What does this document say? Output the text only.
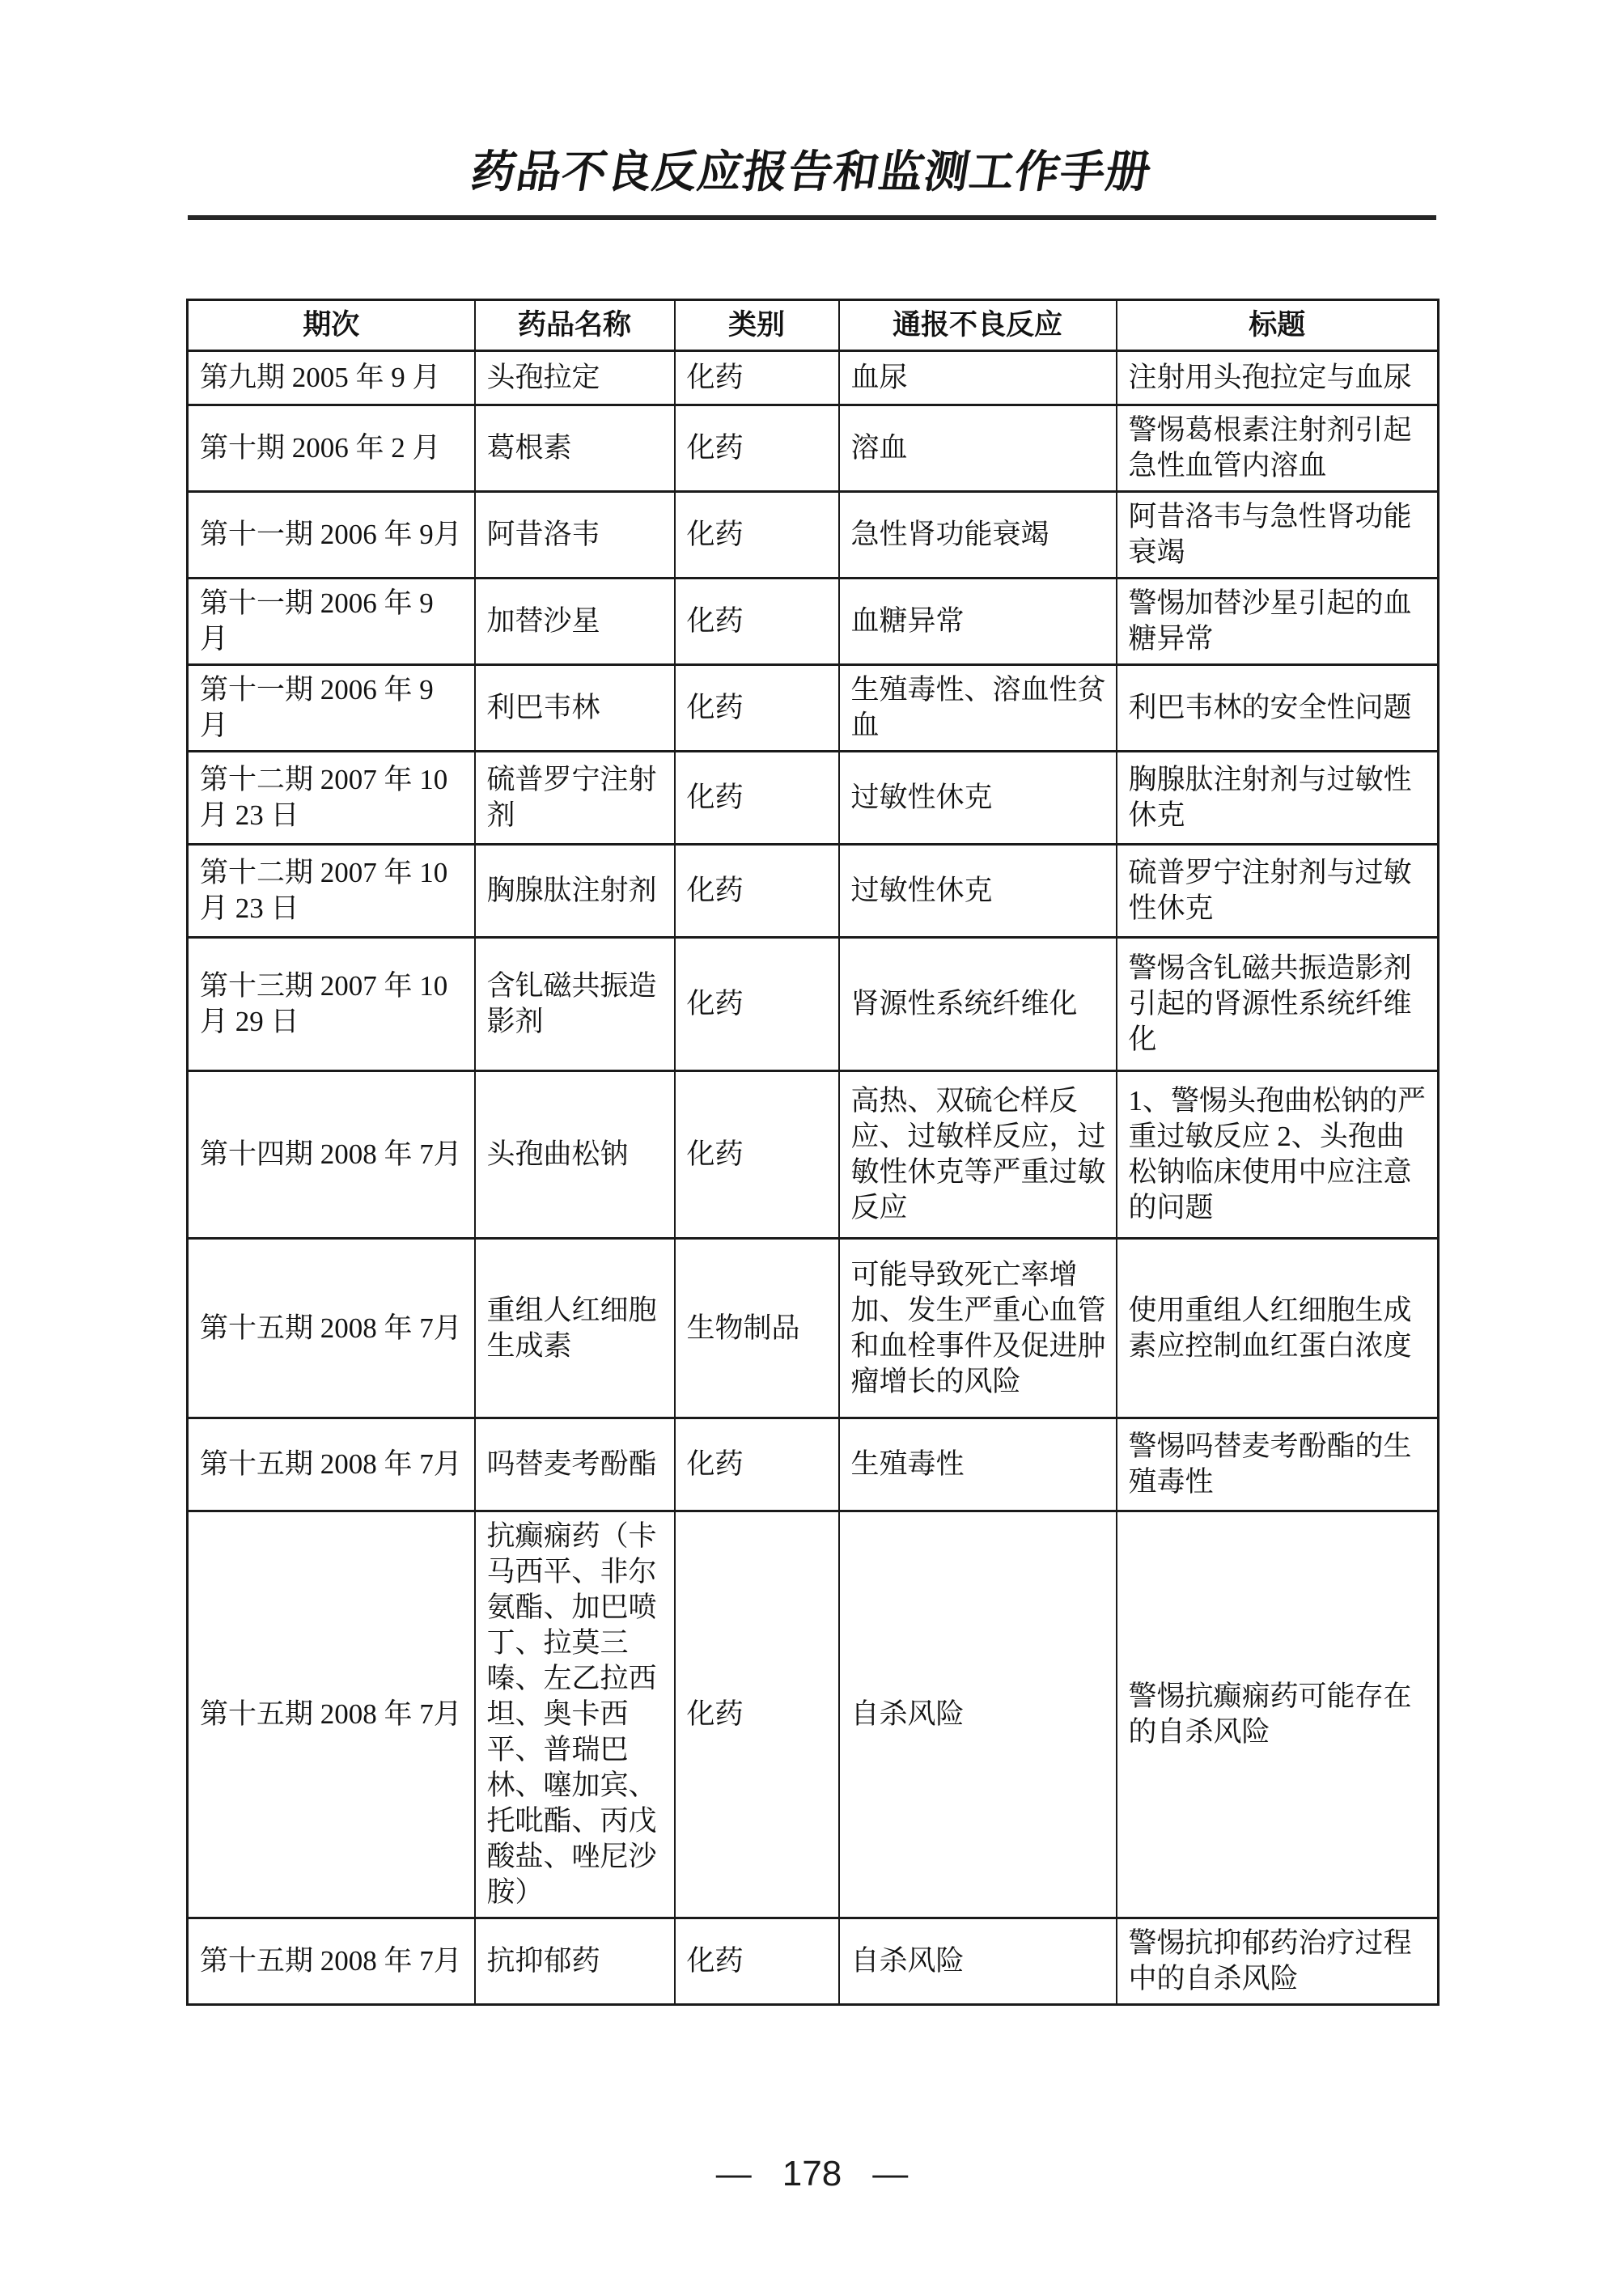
药品不良反应报告和监测工作手册
期次	药品名称	类别	通报不良反应	标题
第九期 2005 年 9 月	头孢拉定	化药	血尿	注射用头孢拉定与血尿
第十期 2006 年 2 月	葛根素	化药	溶血	警惕葛根素注射剂引起急性血管内溶血
第十一期 2006 年 9月	阿昔洛韦	化药	急性肾功能衰竭	阿昔洛韦与急性肾功能衰竭
第十一期 2006 年 9 月	加替沙星	化药	血糖异常	警惕加替沙星引起的血糖异常
第十一期 2006 年 9 月	利巴韦林	化药	生殖毒性、溶血性贫血	利巴韦林的安全性问题
第十二期 2007 年 10 月 23 日	硫普罗宁注射剂	化药	过敏性休克	胸腺肽注射剂与过敏性休克
第十二期 2007 年 10 月 23 日	胸腺肽注射剂	化药	过敏性休克	硫普罗宁注射剂与过敏性休克
第十三期 2007 年 10 月 29 日	含钆磁共振造影剂	化药	肾源性系统纤维化	警惕含钆磁共振造影剂引起的肾源性系统纤维化
第十四期 2008 年 7月	头孢曲松钠	化药	高热、双硫仑样反应、过敏样反应，过敏性休克等严重过敏反应	1、警惕头孢曲松钠的严重过敏反应 2、头孢曲松钠临床使用中应注意的问题
第十五期 2008 年 7月	重组人红细胞生成素	生物制品	可能导致死亡率增加、发生严重心血管和血栓事件及促进肿瘤增长的风险	使用重组人红细胞生成素应控制血红蛋白浓度
第十五期 2008 年 7月	吗替麦考酚酯	化药	生殖毒性	警惕吗替麦考酚酯的生殖毒性
第十五期 2008 年 7月	抗癫痫药（卡马西平、非尔氨酯、加巴喷丁、拉莫三嗪、左乙拉西坦、奥卡西平、普瑞巴林、噻加宾、托吡酯、丙戊酸盐、唑尼沙胺）	化药	自杀风险	警惕抗癫痫药可能存在的自杀风险
第十五期 2008 年 7月	抗抑郁药	化药	自杀风险	警惕抗抑郁药治疗过程中的自杀风险
— 178 —
